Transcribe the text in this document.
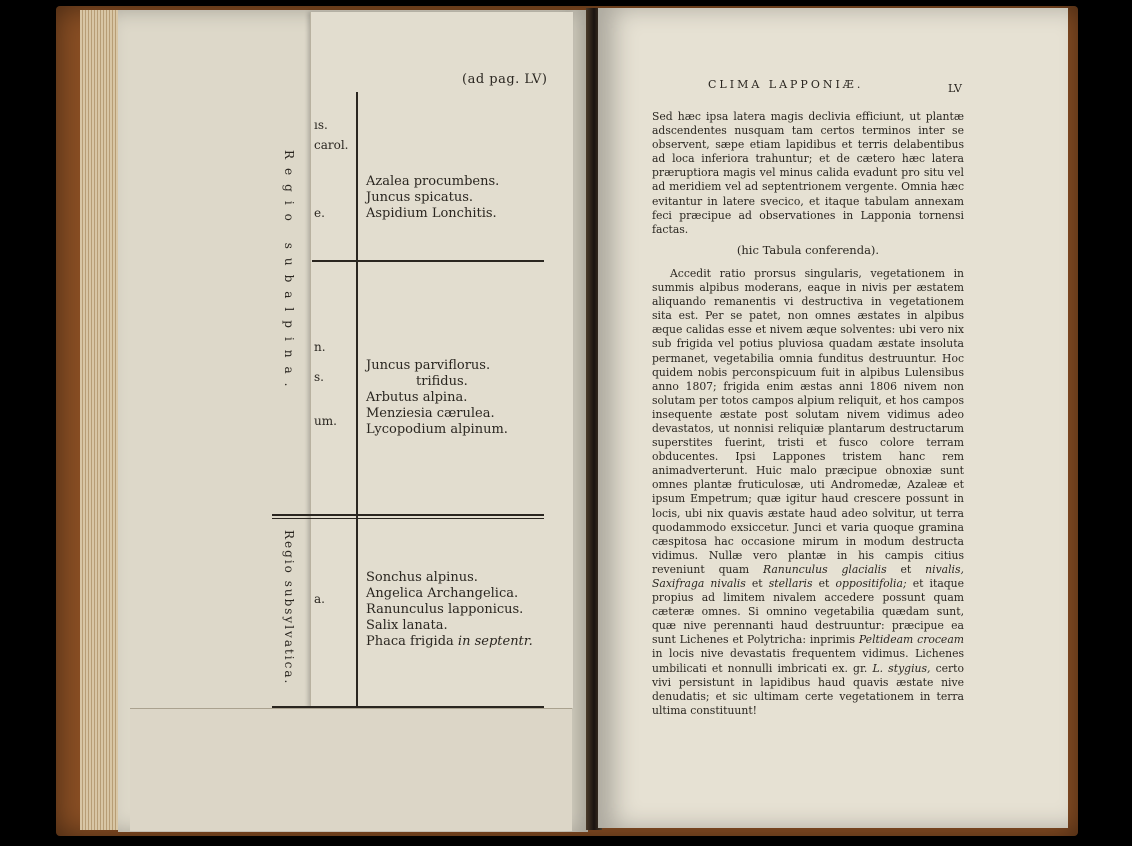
(ad pag. LV)
ıs.
carol.
e.
n.
s.
um.
a.
Regio subalpina.
Regio subsylvatica.
Azalea procumbens.
Juncus spicatus.
Aspidium Lonchitis.
Juncus parviflorus.
trifidus.
Arbutus alpina.
Menziesia cærulea.
Lycopodium alpinum.
Sonchus alpinus.
Angelica Archangelica.
Ranunculus lapponicus.
Salix lanata.
Phaca frigida in septentr.
CLIMA LAPPONIÆ.	LV

Sed hæc ipsa latera magis declivia efficiunt, ut plantæ adscendentes nusquam tam certos terminos inter se observent, sæpe etiam lapidibus et terris delabentibus ad loca inferiora trahuntur; et de cætero hæc latera præruptiora magis vel minus calida evadunt pro situ vel ad meridiem vel ad septentrionem vergente. Omnia hæc evitantur in latere svecico, et itaque tabulam annexam feci præcipue ad observationes in Lapponia tornensi factas.

(hic Tabula conferenda).

Accedit ratio prorsus singularis, vegetationem in summis alpibus moderans, eaque in nivis per æstatem aliquando remanentis vi destructiva in vegetationem sita est. Per se patet, non omnes æstates in alpibus æque calidas esse et nivem æque solventes: ubi vero nix sub frigida vel potius pluviosa quadam æstate insoluta permanet, vegetabilia omnia funditus destruuntur. Hoc quidem nobis perconspicuum fuit in alpibus Lulensibus anno 1807; frigida enim æstas anni 1806 nivem non solutam per totos campos alpium reliquit, et hos campos insequente æstate post solutam nivem vidimus adeo devastatos, ut nonnisi reliquiæ plantarum destructarum superstites fuerint, tristi et fusco colore terram obducentes. Ipsi Lappones tristem hanc rem animadverterunt. Huic malo præcipue obnoxiæ sunt omnes plantæ fruticulosæ, uti Andromedæ, Azaleæ et ipsum Empetrum; quæ igitur haud crescere possunt in locis, ubi nix quavis æstate haud adeo solvitur, ut terra quodammodo exsiccetur. Junci et varia quoque gramina cæspitosa hac occasione mirum in modum destructa vidimus. Nullæ vero plantæ in his campis citius reveniunt quam Ranunculus glacialis et nivalis, Saxifraga nivalis et stellaris et oppositifolia; et itaque propius ad limitem nivalem accedere possunt quam cæteræ omnes. Si omnino vegetabilia quædam sunt, quæ nive perennanti haud destruuntur: præcipue ea sunt Lichenes et Polytricha: inprimis Peltideam croceam in locis nive devastatis frequentem vidimus. Lichenes umbilicati et nonnulli imbricati ex. gr. L. stygius, certo vivi persistunt in lapidibus haud quavis æstate nive denudatis; et sic ultimam certe vegetationem in terra ultima constituunt!
